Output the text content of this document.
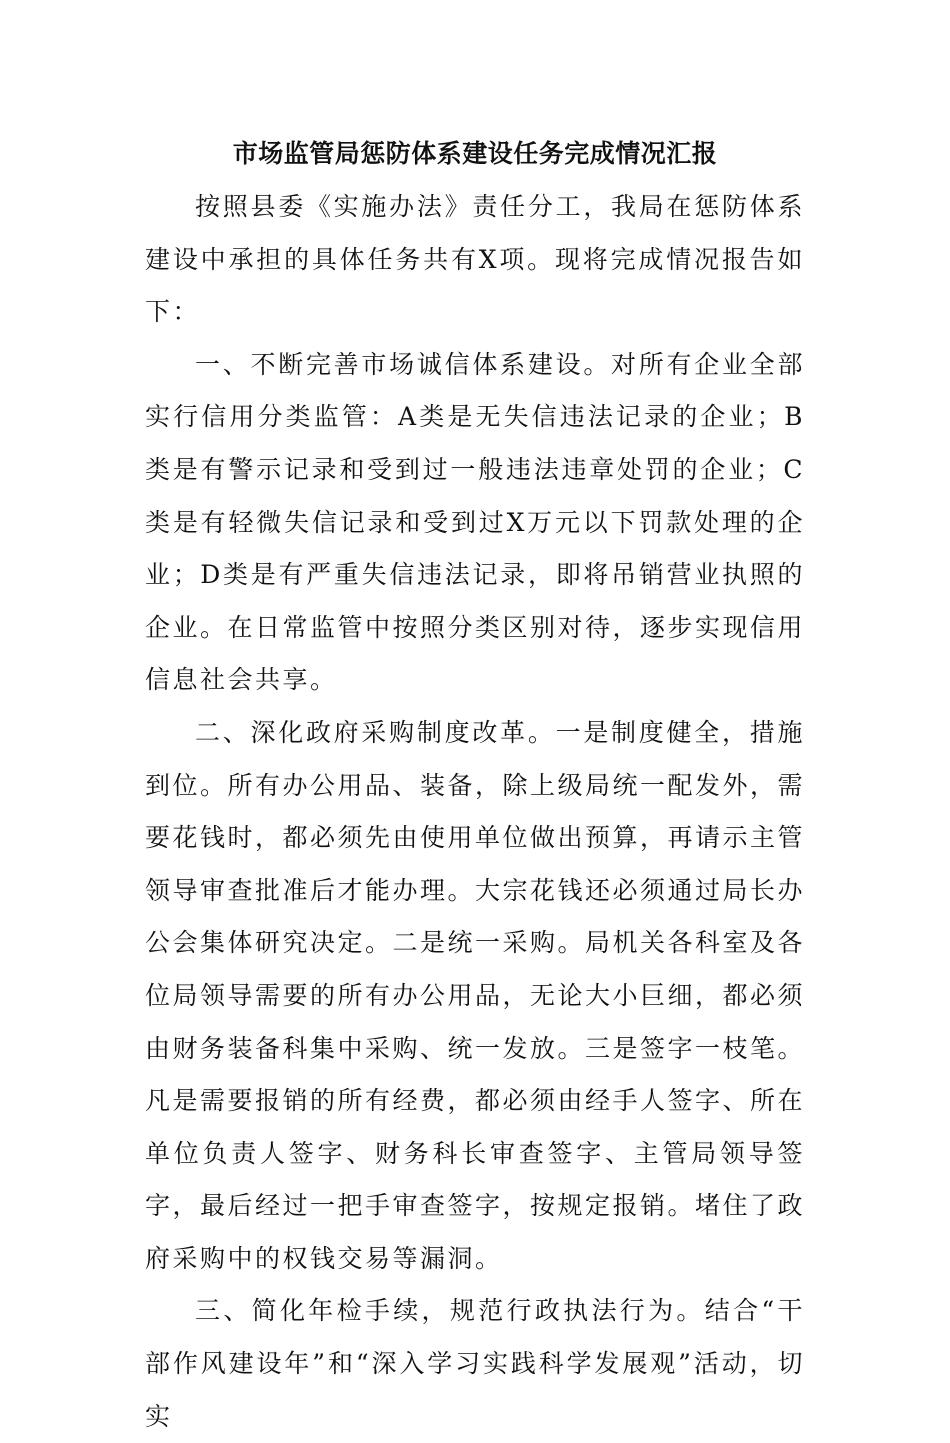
市场监管局惩防体系建设任务完成情况汇报

按照县委《实施办法》责任分工，我局在惩防体系建设中承担的具体任务共有X项。现将完成情况报告如下：

一、不断完善市场诚信体系建设。对所有企业全部实行信用分类监管：A类是无失信违法记录的企业；B类是有警示记录和受到过一般违法违章处罚的企业；C类是有轻微失信记录和受到过X万元以下罚款处理的企业；D类是有严重失信违法记录，即将吊销营业执照的企业。在日常监管中按照分类区别对待，逐步实现信用信息社会共享。

二、深化政府采购制度改革。一是制度健全，措施到位。所有办公用品、装备，除上级局统一配发外，需要花钱时，都必须先由使用单位做出预算，再请示主管领导审查批准后才能办理。大宗花钱还必须通过局长办公会集体研究决定。二是统一采购。局机关各科室及各位局领导需要的所有办公用品，无论大小巨细，都必须由财务装备科集中采购、统一发放。三是签字一枝笔。凡是需要报销的所有经费，都必须由经手人签字、所在单位负责人签字、财务科长审查签字、主管局领导签字，最后经过一把手审查签字，按规定报销。堵住了政府采购中的权钱交易等漏洞。

三、简化年检手续，规范行政执法行为。结合“干部作风建设年”和“深入学习实践科学发展观”活动，切实
